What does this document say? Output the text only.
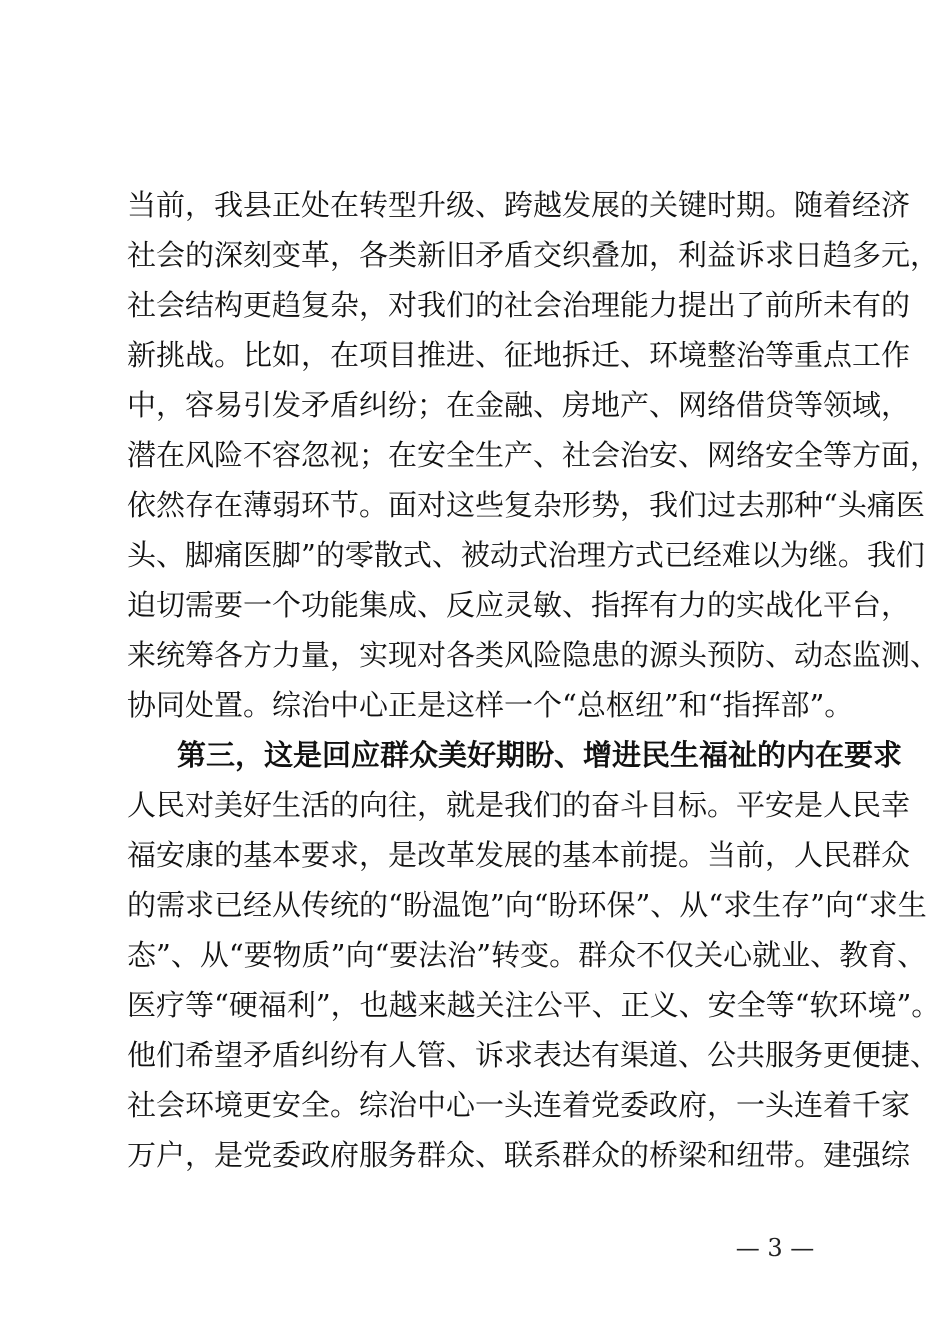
当前，我县正处在转型升级、跨越发展的关键时期。随着经济
社会的深刻变革，各类新旧矛盾交织叠加，利益诉求日趋多元，
社会结构更趋复杂，对我们的社会治理能力提出了前所未有的
新挑战。比如，在项目推进、征地拆迁、环境整治等重点工作
中，容易引发矛盾纠纷；在金融、房地产、网络借贷等领域，
潜在风险不容忽视；在安全生产、社会治安、网络安全等方面，
依然存在薄弱环节。面对这些复杂形势，我们过去那种“头痛医
头、脚痛医脚”的零散式、被动式治理方式已经难以为继。我们
迫切需要一个功能集成、反应灵敏、指挥有力的实战化平台，
来统筹各方力量，实现对各类风险隐患的源头预防、动态监测、
协同处置。综治中心正是这样一个“总枢纽”和“指挥部”。
第三，这是回应群众美好期盼、增进民生福祉的内在要求
人民对美好生活的向往，就是我们的奋斗目标。平安是人民幸
福安康的基本要求，是改革发展的基本前提。当前，人民群众
的需求已经从传统的“盼温饱”向“盼环保”、从“求生存”向“求生
态”、从“要物质”向“要法治”转变。群众不仅关心就业、教育、
医疗等“硬福利”，也越来越关注公平、正义、安全等“软环境”。
他们希望矛盾纠纷有人管、诉求表达有渠道、公共服务更便捷、
社会环境更安全。综治中心一头连着党委政府，一头连着千家
万户，是党委政府服务群众、联系群众的桥梁和纽带。建强综
— 3 —
